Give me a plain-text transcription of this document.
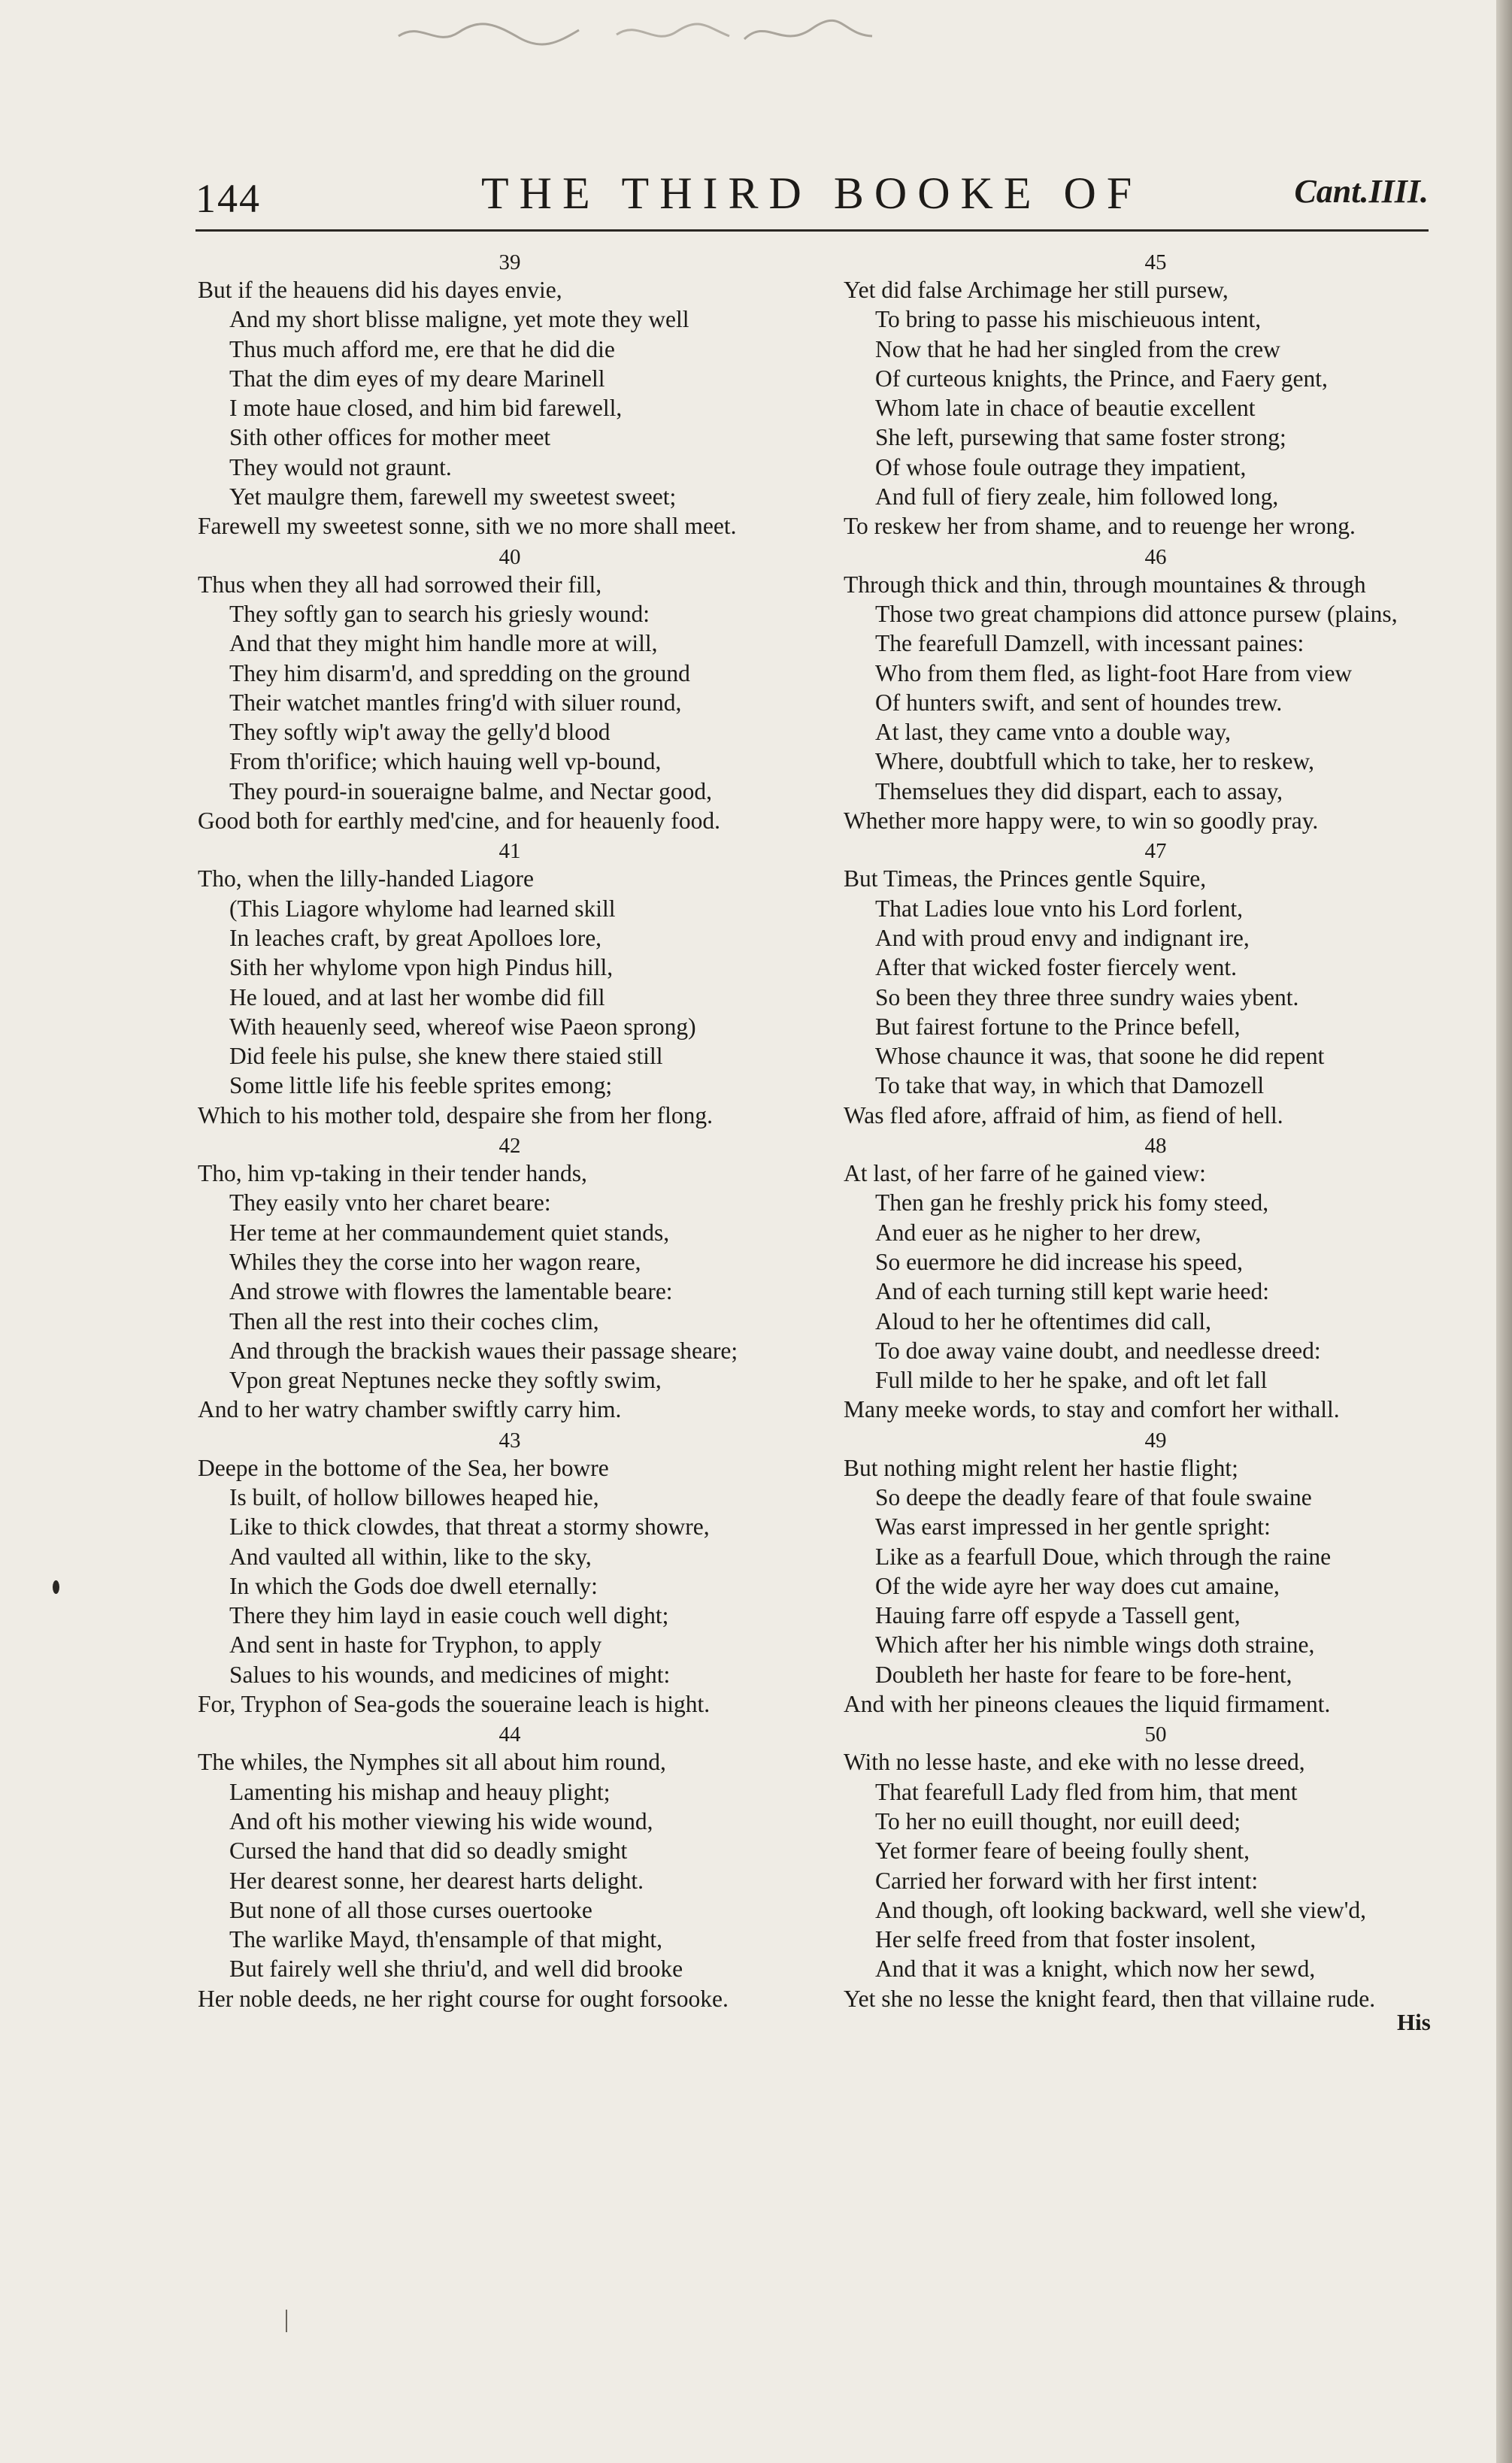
144	THE THIRD BOOKE OF	Cant.IIII.
39
But if the heauens did his dayes envie,
And my short blisse maligne, yet mote they well
Thus much afford me, ere that he did die
That the dim eyes of my deare Marinell
I mote haue closed, and him bid farewell,
Sith other offices for mother meet
They would not graunt.
Yet maulgre them, farewell my sweetest sweet;
Farewell my sweetest sonne, sith we no more shall meet.
40
Thus when they all had sorrowed their fill,
They softly gan to search his griesly wound:
And that they might him handle more at will,
They him disarm'd, and spredding on the ground
Their watchet mantles fring'd with siluer round,
They softly wip't away the gelly'd blood
From th'orifice; which hauing well vp-bound,
They pourd-in soueraigne balme, and Nectar good,
Good both for earthly med'cine, and for heauenly food.
41
Tho, when the lilly-handed Liagore
(This Liagore whylome had learned skill
In leaches craft, by great Apolloes lore,
Sith her whylome vpon high Pindus hill,
He loued, and at last her wombe did fill
With heauenly seed, whereof wise Paeon sprong)
Did feele his pulse, she knew there staied still
Some little life his feeble sprites emong;
Which to his mother told, despaire she from her flong.
42
Tho, him vp-taking in their tender hands,
They easily vnto her charet beare:
Her teme at her commaundement quiet stands,
Whiles they the corse into her wagon reare,
And strowe with flowres the lamentable beare:
Then all the rest into their coches clim,
And through the brackish waues their passage sheare;
Vpon great Neptunes necke they softly swim,
And to her watry chamber swiftly carry him.
43
Deepe in the bottome of the Sea, her bowre
Is built, of hollow billowes heaped hie,
Like to thick clowdes, that threat a stormy showre,
And vaulted all within, like to the sky,
In which the Gods doe dwell eternally:
There they him layd in easie couch well dight;
And sent in haste for Tryphon, to apply
Salues to his wounds, and medicines of might:
For, Tryphon of Sea-gods the soueraine leach is hight.
44
The whiles, the Nymphes sit all about him round,
Lamenting his mishap and heauy plight;
And oft his mother viewing his wide wound,
Cursed the hand that did so deadly smight
Her dearest sonne, her dearest harts delight.
But none of all those curses ouertooke
The warlike Mayd, th'ensample of that might,
But fairely well she thriu'd, and well did brooke
Her noble deeds, ne her right course for ought forsooke.
45
Yet did false Archimage her still pursew,
To bring to passe his mischieuous intent,
Now that he had her singled from the crew
Of curteous knights, the Prince, and Faery gent,
Whom late in chace of beautie excellent
She left, pursewing that same foster strong;
Of whose foule outrage they impatient,
And full of fiery zeale, him followed long,
To reskew her from shame, and to reuenge her wrong.
46
Through thick and thin, through mountaines & through
Those two great champions did attonce pursew (plains,
The fearefull Damzell, with incessant paines:
Who from them fled, as light-foot Hare from view
Of hunters swift, and sent of houndes trew.
At last, they came vnto a double way,
Where, doubtfull which to take, her to reskew,
Themselues they did dispart, each to assay,
Whether more happy were, to win so goodly pray.
47
But Timeas, the Princes gentle Squire,
That Ladies loue vnto his Lord forlent,
And with proud envy and indignant ire,
After that wicked foster fiercely went.
So been they three three sundry waies ybent.
But fairest fortune to the Prince befell,
Whose chaunce it was, that soone he did repent
To take that way, in which that Damozell
Was fled afore, affraid of him, as fiend of hell.
48
At last, of her farre of he gained view:
Then gan he freshly prick his fomy steed,
And euer as he nigher to her drew,
So euermore he did increase his speed,
And of each turning still kept warie heed:
Aloud to her he oftentimes did call,
To doe away vaine doubt, and needlesse dreed:
Full milde to her he spake, and oft let fall
Many meeke words, to stay and comfort her withall.
49
But nothing might relent her hastie flight;
So deepe the deadly feare of that foule swaine
Was earst impressed in her gentle spright:
Like as a fearfull Doue, which through the raine
Of the wide ayre her way does cut amaine,
Hauing farre off espyde a Tassell gent,
Which after her his nimble wings doth straine,
Doubleth her haste for feare to be fore-hent,
And with her pineons cleaues the liquid firmament.
50
With no lesse haste, and eke with no lesse dreed,
That fearefull Lady fled from him, that ment
To her no euill thought, nor euill deed;
Yet former feare of beeing foully shent,
Carried her forward with her first intent:
And though, oft looking backward, well she view'd,
Her selfe freed from that foster insolent,
And that it was a knight, which now her sewd,
Yet she no lesse the knight feard, then that villaine rude.
His
